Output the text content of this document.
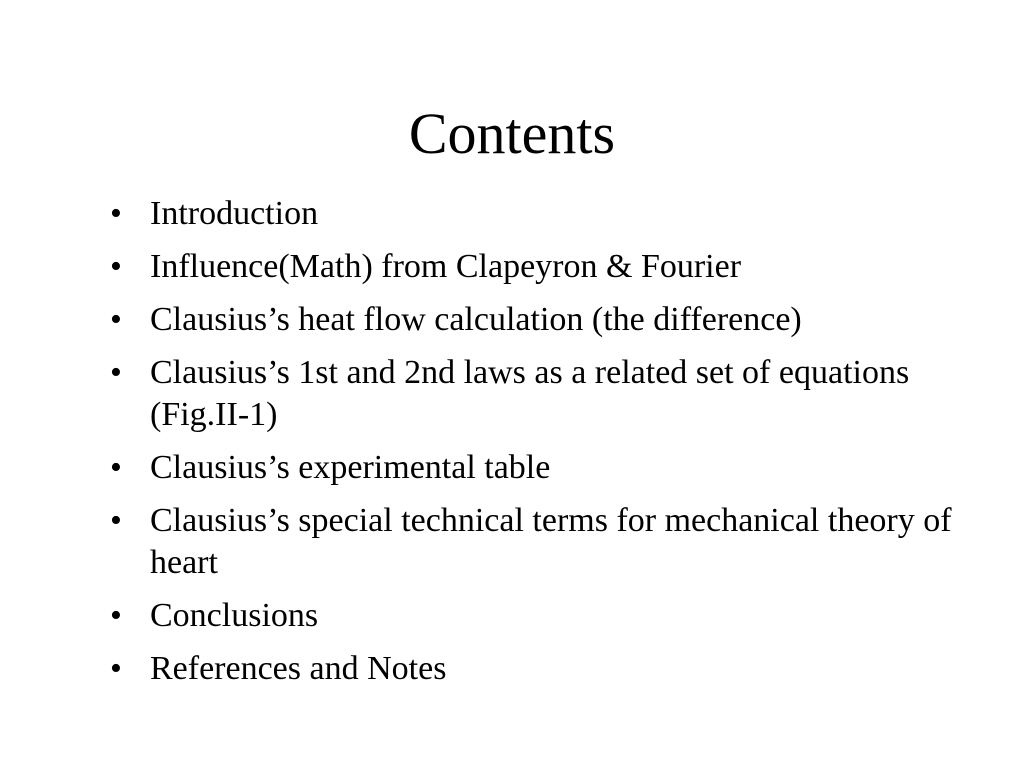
Contents
• Introduction
• Influence(Math) from Clapeyron & Fourier
• Clausius’s heat flow calculation (the difference)
• Clausius’s 1st and 2nd laws as a related set of equations (Fig.II-1)
• Clausius’s experimental table
• Clausius’s special technical terms for mechanical theory of heart
• Conclusions
• References and Notes
